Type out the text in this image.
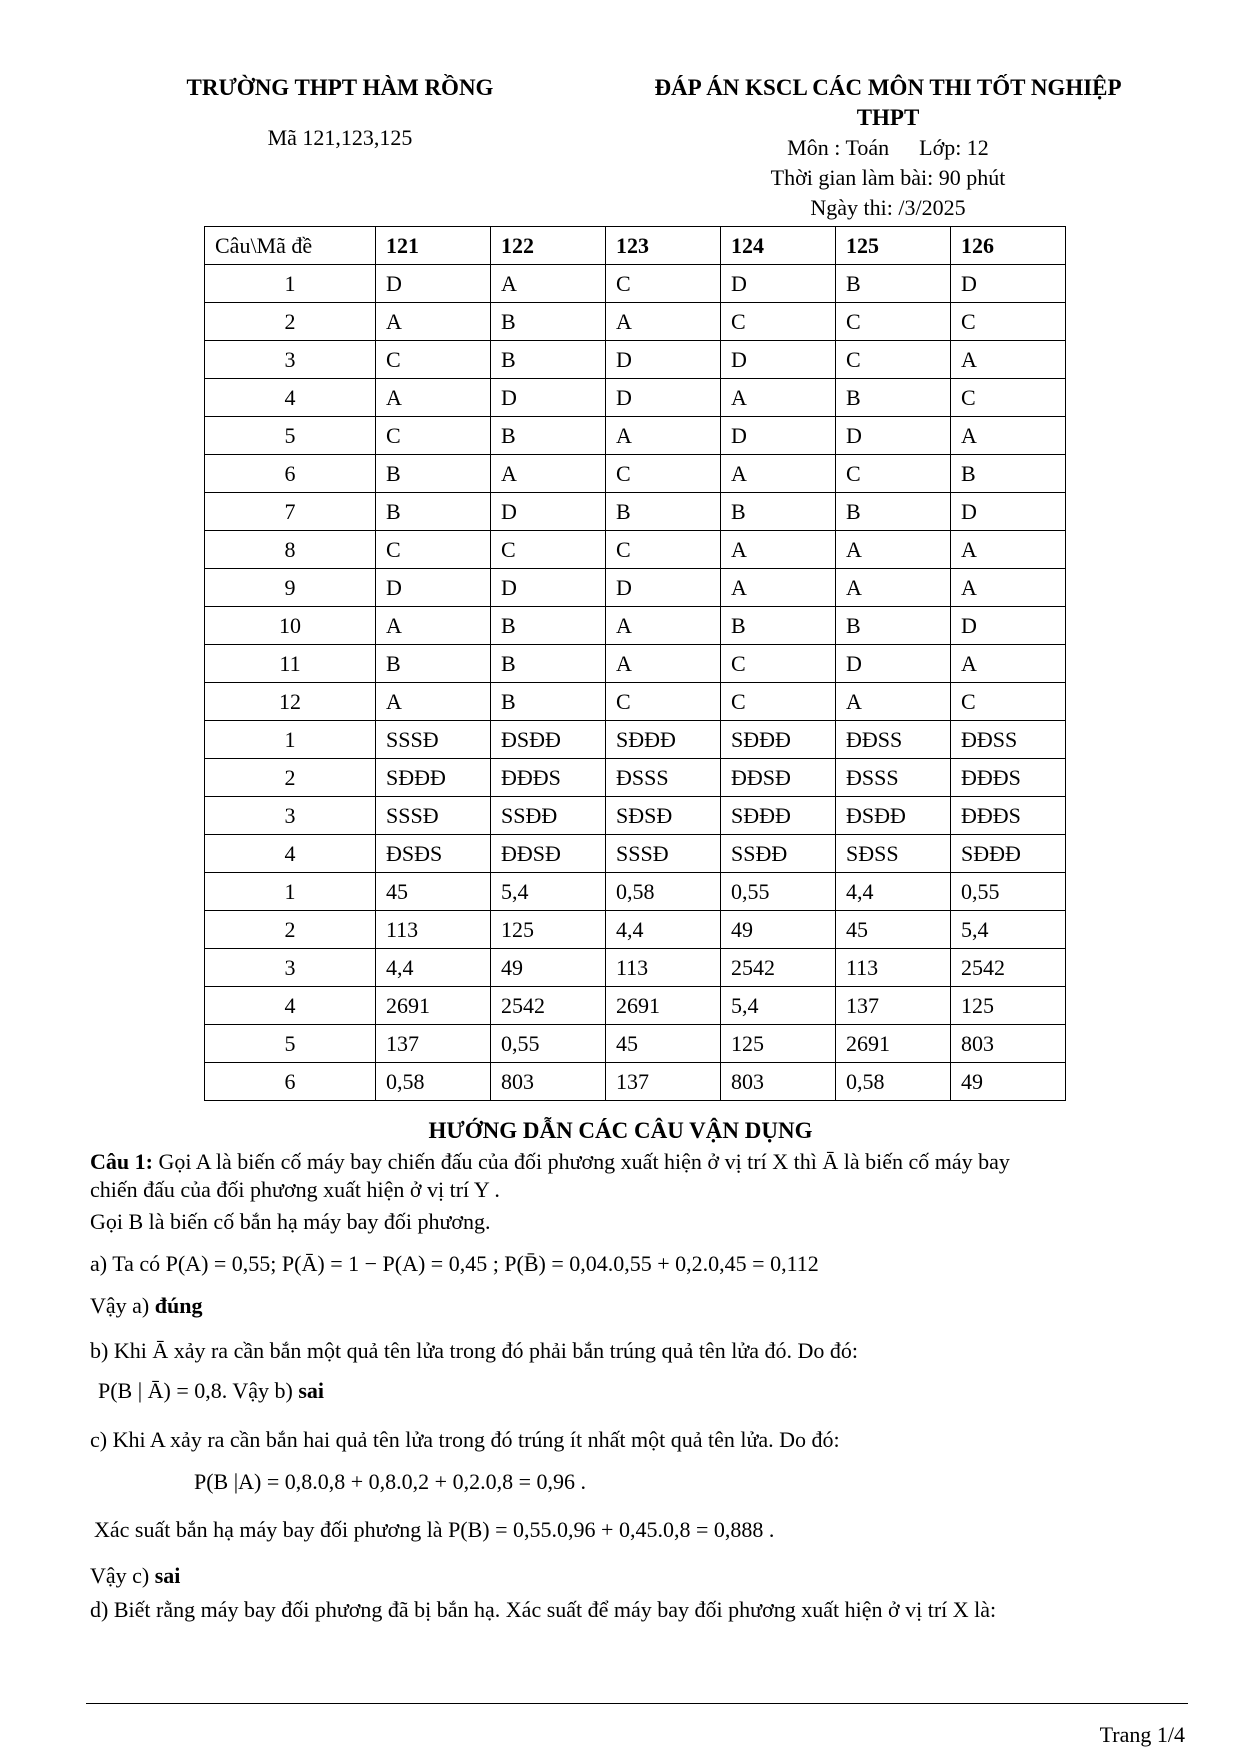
TRƯỜNG THPT HÀM RỒNG
Mã 121,123,125
ĐÁP ÁN KSCL CÁC MÔN THI TỐT NGHIỆP
THPT
Môn : Toán Lớp: 12
Thời gian làm bài: 90 phút
Ngày thi: /3/2025
Câu\Mã đề	121	122	123	124	125	126
1	D	A	C	D	B	D
2	A	B	A	C	C	C
3	C	B	D	D	C	A
4	A	D	D	A	B	C
5	C	B	A	D	D	A
6	B	A	C	A	C	B
7	B	D	B	B	B	D
8	C	C	C	A	A	A
9	D	D	D	A	A	A
10	A	B	A	B	B	D
11	B	B	A	C	D	A
12	A	B	C	C	A	C
1	SSSĐ	ĐSĐĐ	SĐĐĐ	SĐĐĐ	ĐĐSS	ĐĐSS
2	SĐĐĐ	ĐĐĐS	ĐSSS	ĐĐSĐ	ĐSSS	ĐĐĐS
3	SSSĐ	SSĐĐ	SĐSĐ	SĐĐĐ	ĐSĐĐ	ĐĐĐS
4	ĐSĐS	ĐĐSĐ	SSSĐ	SSĐĐ	SĐSS	SĐĐĐ
1	45	5,4	0,58	0,55	4,4	0,55
2	113	125	4,4	49	45	5,4
3	4,4	49	113	2542	113	2542
4	2691	2542	2691	5,4	137	125
5	137	0,55	45	125	2691	803
6	0,58	803	137	803	0,58	49
HƯỚNG DẪN CÁC CÂU VẬN DỤNG
Câu 1: Gọi A là biến cố máy bay chiến đấu của đối phương xuất hiện ở vị trí X thì Ā là biến cố máy bay
chiến đấu của đối phương xuất hiện ở vị trí Y .
Gọi B là biến cố bắn hạ máy bay đối phương.
a) Ta có P(A) = 0,55; P(Ā) = 1 − P(A) = 0,45 ; P(B̄) = 0,04.0,55 + 0,2.0,45 = 0,112
Vậy a) đúng
b) Khi Ā xảy ra cần bắn một quả tên lửa trong đó phải bắn trúng quả tên lửa đó. Do đó:
P(B | Ā) = 0,8. Vậy b) sai
c) Khi A xảy ra cần bắn hai quả tên lửa trong đó trúng ít nhất một quả tên lửa. Do đó:
P(B |A) = 0,8.0,8 + 0,8.0,2 + 0,2.0,8 = 0,96 .
Xác suất bắn hạ máy bay đối phương là P(B) = 0,55.0,96 + 0,45.0,8 = 0,888 .
Vậy c) sai
d) Biết rằng máy bay đối phương đã bị bắn hạ. Xác suất để máy bay đối phương xuất hiện ở vị trí X là:
Trang 1/4
